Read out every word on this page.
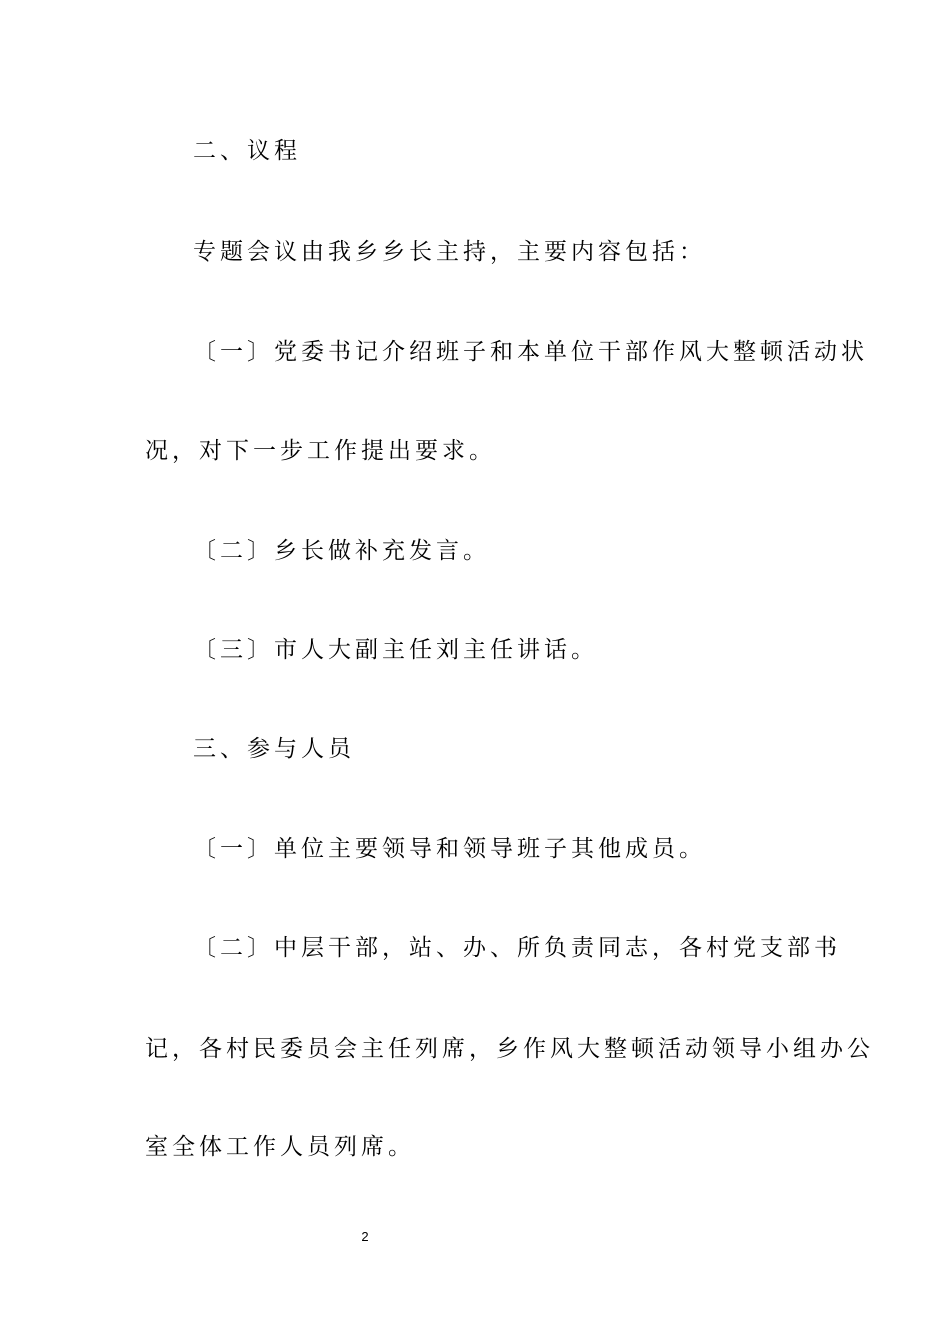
二、议程
专题会议由我乡乡长主持，主要内容包括：
〔一〕党委书记介绍班子和本单位干部作风大整顿活动状
况，对下一步工作提出要求。
〔二〕乡长做补充发言。
〔三〕市人大副主任刘主任讲话。
三、参与人员
〔一〕单位主要领导和领导班子其他成员。
〔二〕中层干部，站、办、所负责同志，各村党支部书
记，各村民委员会主任列席，乡作风大整顿活动领导小组办公
室全体工作人员列席。
2
